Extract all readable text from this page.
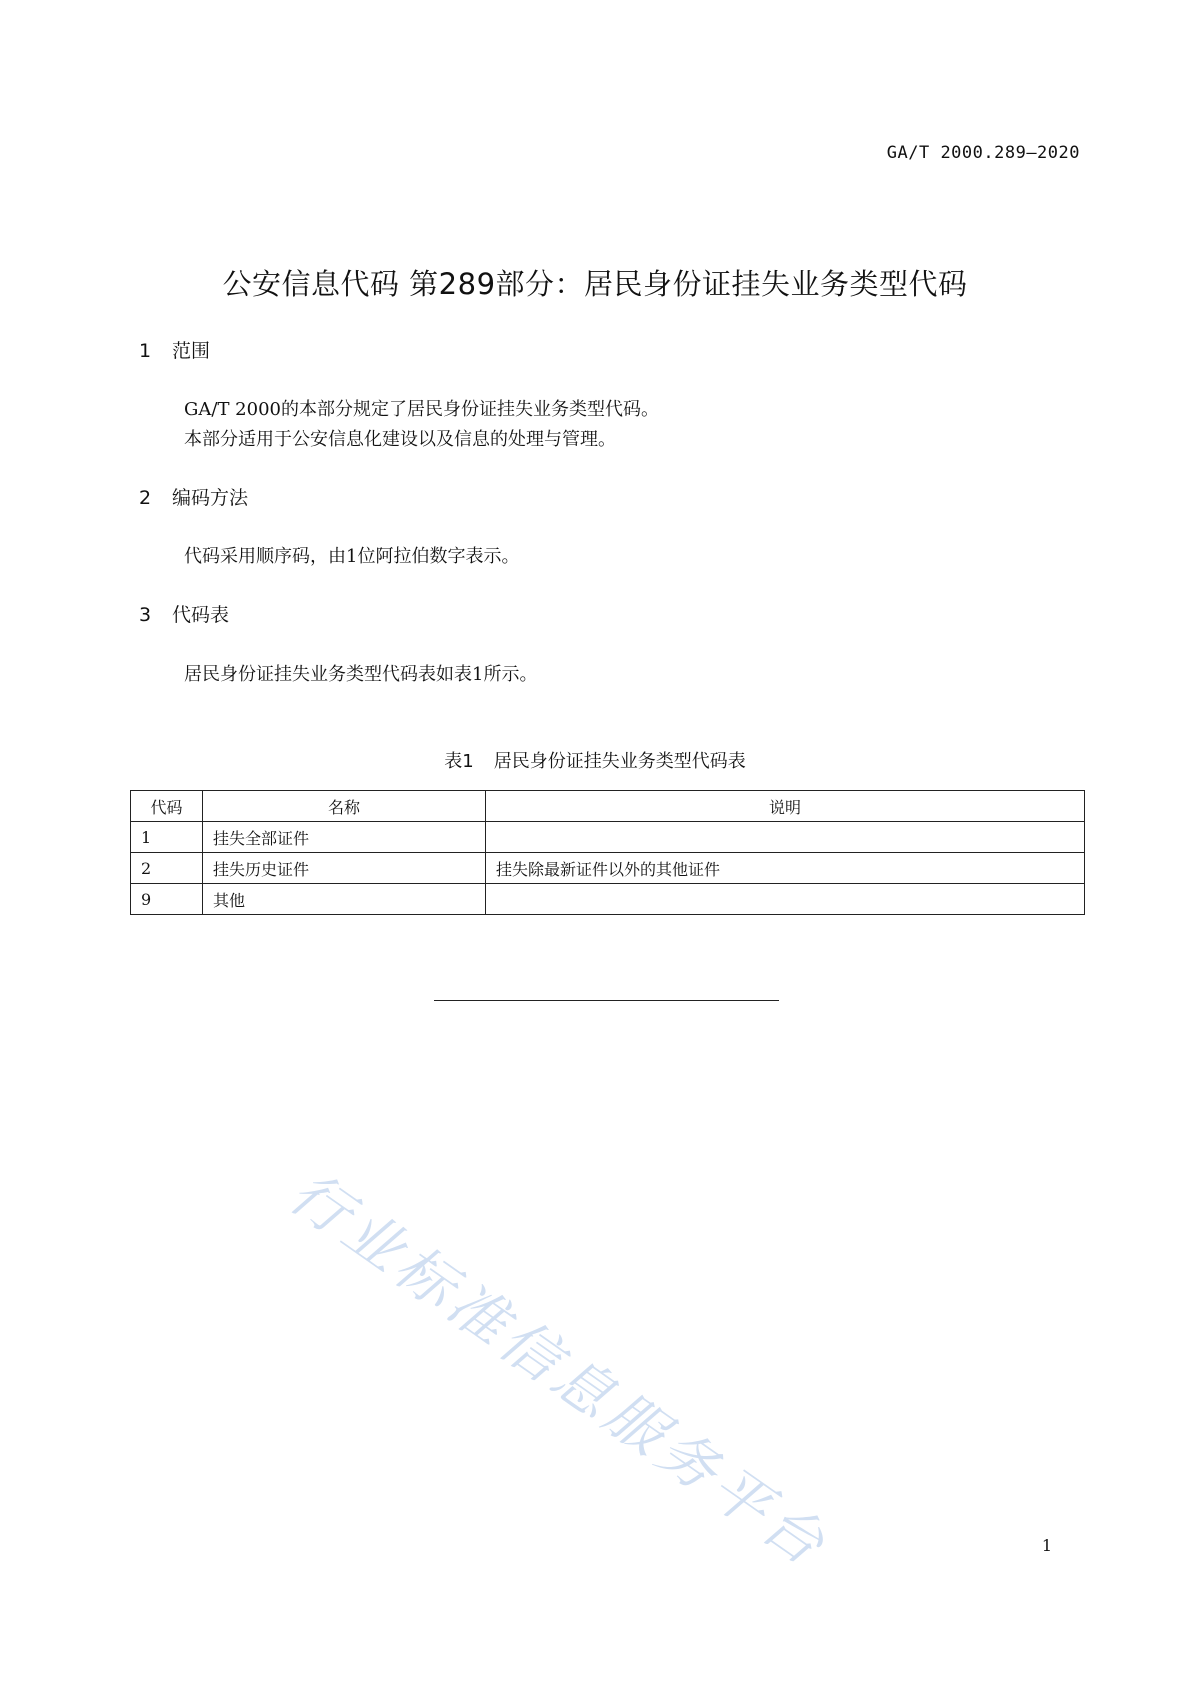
GA/T 2000.289—2020
公安信息代码 第289部分：居民身份证挂失业务类型代码
1 范围
GA/T 2000的本部分规定了居民身份证挂失业务类型代码。
本部分适用于公安信息化建设以及信息的处理与管理。
2 编码方法
代码采用顺序码，由1位阿拉伯数字表示。
3 代码表
居民身份证挂失业务类型代码表如表1所示。
表1 居民身份证挂失业务类型代码表
代码	名称	说明
1	挂失全部证件	
2	挂失历史证件	挂失除最新证件以外的其他证件
9	其他	
行业标准信息服务平台	1
